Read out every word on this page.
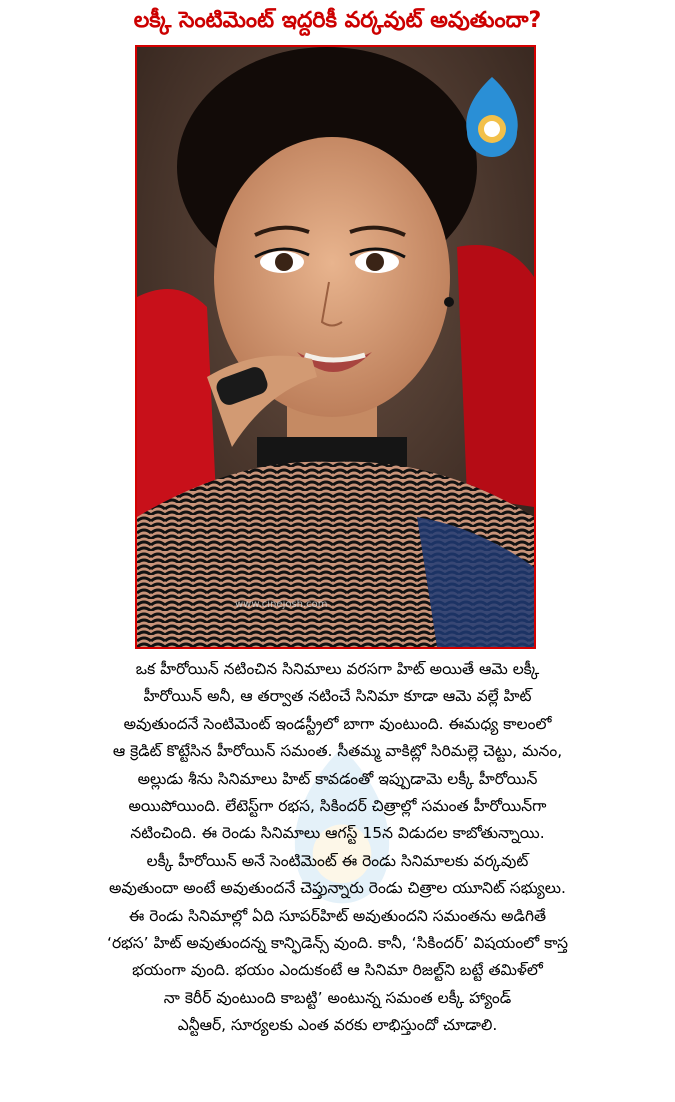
లక్కీ సెంటిమెంట్ ఇద్దరికీ వర్కవుట్ అవుతుందా?
www.cinejosh.com

ఒక హీరోయిన్ నటించిన సినిమాలు వరసగా హిట్ అయితే ఆమె లక్కీ

హీరోయిన్ అనీ, ఆ తర్వాత నటించే సినిమా కూడా ఆమె వల్లే హిట్

అవుతుందనే సెంటిమెంట్ ఇండస్ట్రీలో బాగా వుంటుంది. ఈమధ్య కాలంలో

ఆ క్రెడిట్ కొట్టేసిన హీరోయిన్ సమంత. సీతమ్మ వాకిట్లో సిరిమల్లె చెట్టు, మనం,

అల్లుడు శీను సినిమాలు హిట్ కావడంతో ఇప్పుడామె లక్కీ హీరోయిన్

అయిపోయింది. లేటెస్ట్‌గా రభస, సికిందర్ చిత్రాల్లో సమంత హీరోయిన్‌గా

నటించింది. ఈ రెండు సినిమాలు ఆగస్ట్ 15న విడుదల కాబోతున్నాయి.

లక్కీ హీరోయిన్ అనే సెంటిమెంట్ ఈ రెండు సినిమాలకు వర్కవుట్

అవుతుందా అంటే అవుతుందనే చెప్తున్నారు రెండు చిత్రాల యూనిట్ సభ్యులు.

ఈ రెండు సినిమాల్లో ఏది సూపర్‌హిట్ అవుతుందని సమంతను అడిగితే

‘రభస’ హిట్ అవుతుందన్న కాన్ఫిడెన్స్ వుంది. కానీ, ‘సికిందర్’ విషయంలో కాస్త

భయంగా వుంది. భయం ఎందుకంటే ఆ సినిమా రిజల్ట్‌ని బట్టే తమిళ్‌లో

నా కెరీర్ వుంటుంది కాబట్టి’ అంటున్న సమంత లక్కీ హ్యాండ్

ఎన్టీఆర్, సూర్యలకు ఎంత వరకు లాభిస్తుందో చూడాలి.
